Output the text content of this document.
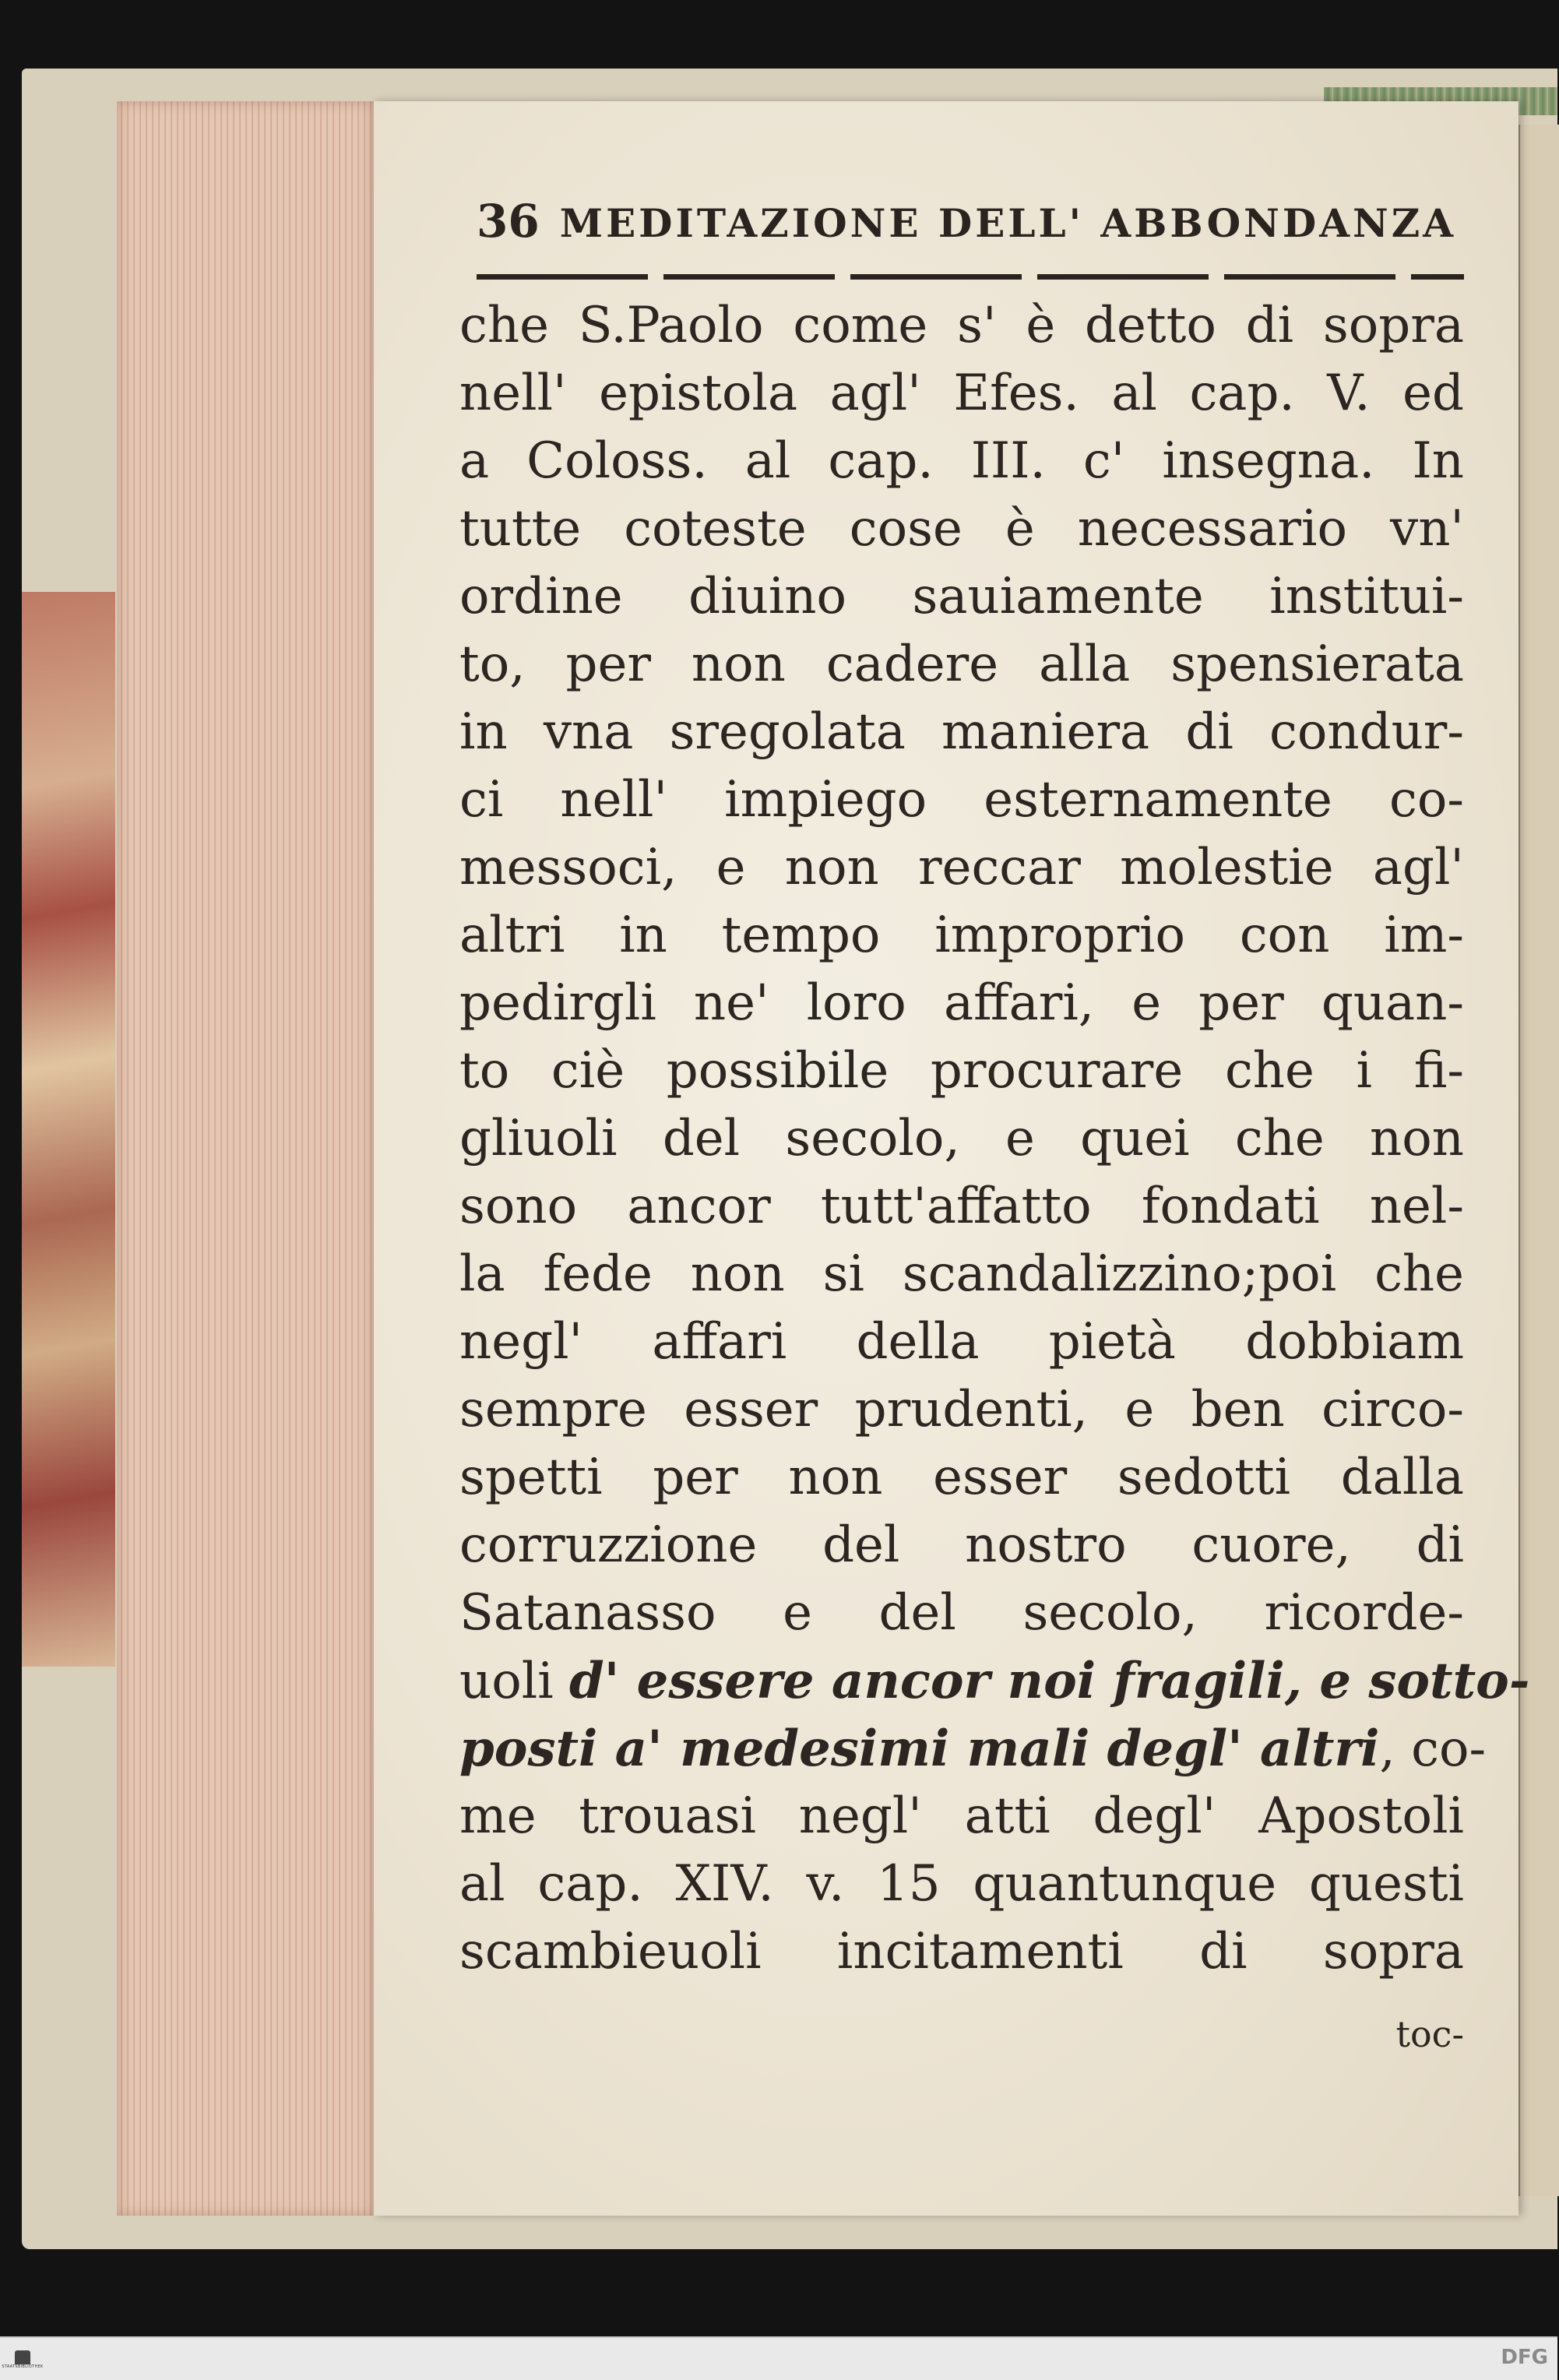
36 MEDITAZIONE DELL' ABBONDANZA
che S.Paolo come s' è detto di sopra
nell' epistola agl' Efes. al cap. V. ed
a Coloss. al cap. III. c' insegna. In
tutte coteste cose è necessario vn'
ordine diuino sauiamente institui-
to, per non cadere alla spensierata
in vna sregolata maniera di condur-
ci nell' impiego esternamente co-
messoci, e non reccar molestie agl'
altri in tempo improprio con im-
pedirgli ne' loro affari, e per quan-
to ciè possibile procurare che i fi-
gliuoli del secolo, e quei che non
sono ancor tutt'affatto fondati nel-
la fede non si scandalizzino;poi che
negl' affari della pietà dobbiam
sempre esser prudenti, e ben circo-
spetti per non esser sedotti dalla
corruzzione del nostro cuore, di
Satanasso e del secolo, ricorde-
uoli d' essere ancor noi fragili, e sotto-
posti a' medesimi mali degl' altri, co-
me trouasi negl' atti degl' Apostoli
al cap. XIV. v. 15 quantunque questi
scambieuoli incitamenti di sopra
toc-
STAATSBIBLIOTHEK	DFG
